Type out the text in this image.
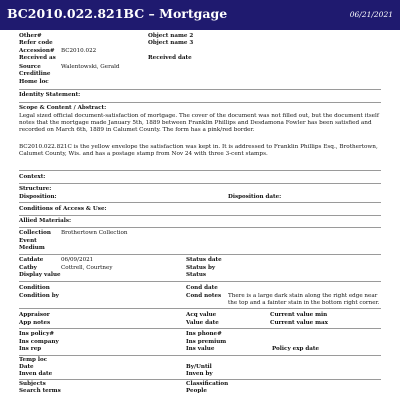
BC2010.022.821BC – Mortgage	06/21/2021
Other#
Refer code
Accession# BC2010.022
Received as
Source	Walentowski, Gerald
Creditline
Home loc
Object name 2
Object name 3
Received date
Identity Statement:
Scope & Content / Abstract:
Legal sized official document-satisfaction of mortgage. The cover of the document was not filled out, but the document itself notes that the mortgage made January 5th, 1889 between Franklin Phillips and Desdamona Fowler has been satisfied and recorded on March 6th, 1889 in Calumet County. The form has a pink/red border.
BC2010.022.821C is the yellow envelope the satisfaction was kept in. It is addressed to Franklin Phillips Esq., Brothertown, Calumet County, Wis. and has a postage stamp from Nov 24 with three 3-cent stamps.
Context:
Structure:
Disposition:	Disposition date:
Conditions of Access & Use:
Allied Materials:
Collection Brothertown Collection
Event
Medium
Catdate	06/09/2021
Catby	Cottrell, Courtney
Display value
Status date
Status by
Status
Condition
Condition by
Cond date
Cond notes There is a large dark stain along the right edge near the top and a fainter stain in the bottom right corner.
Appraisor
App notes
Acq value
Value date
Current value min
Current value max
Ins policy#
Ins company
Ins rep
Ins phone#
Ins premium
Ins value	Policy exp date
Temp loc
Date
Inven date
By/Until
Inven by
Subjects
Search terms
Classification
People
